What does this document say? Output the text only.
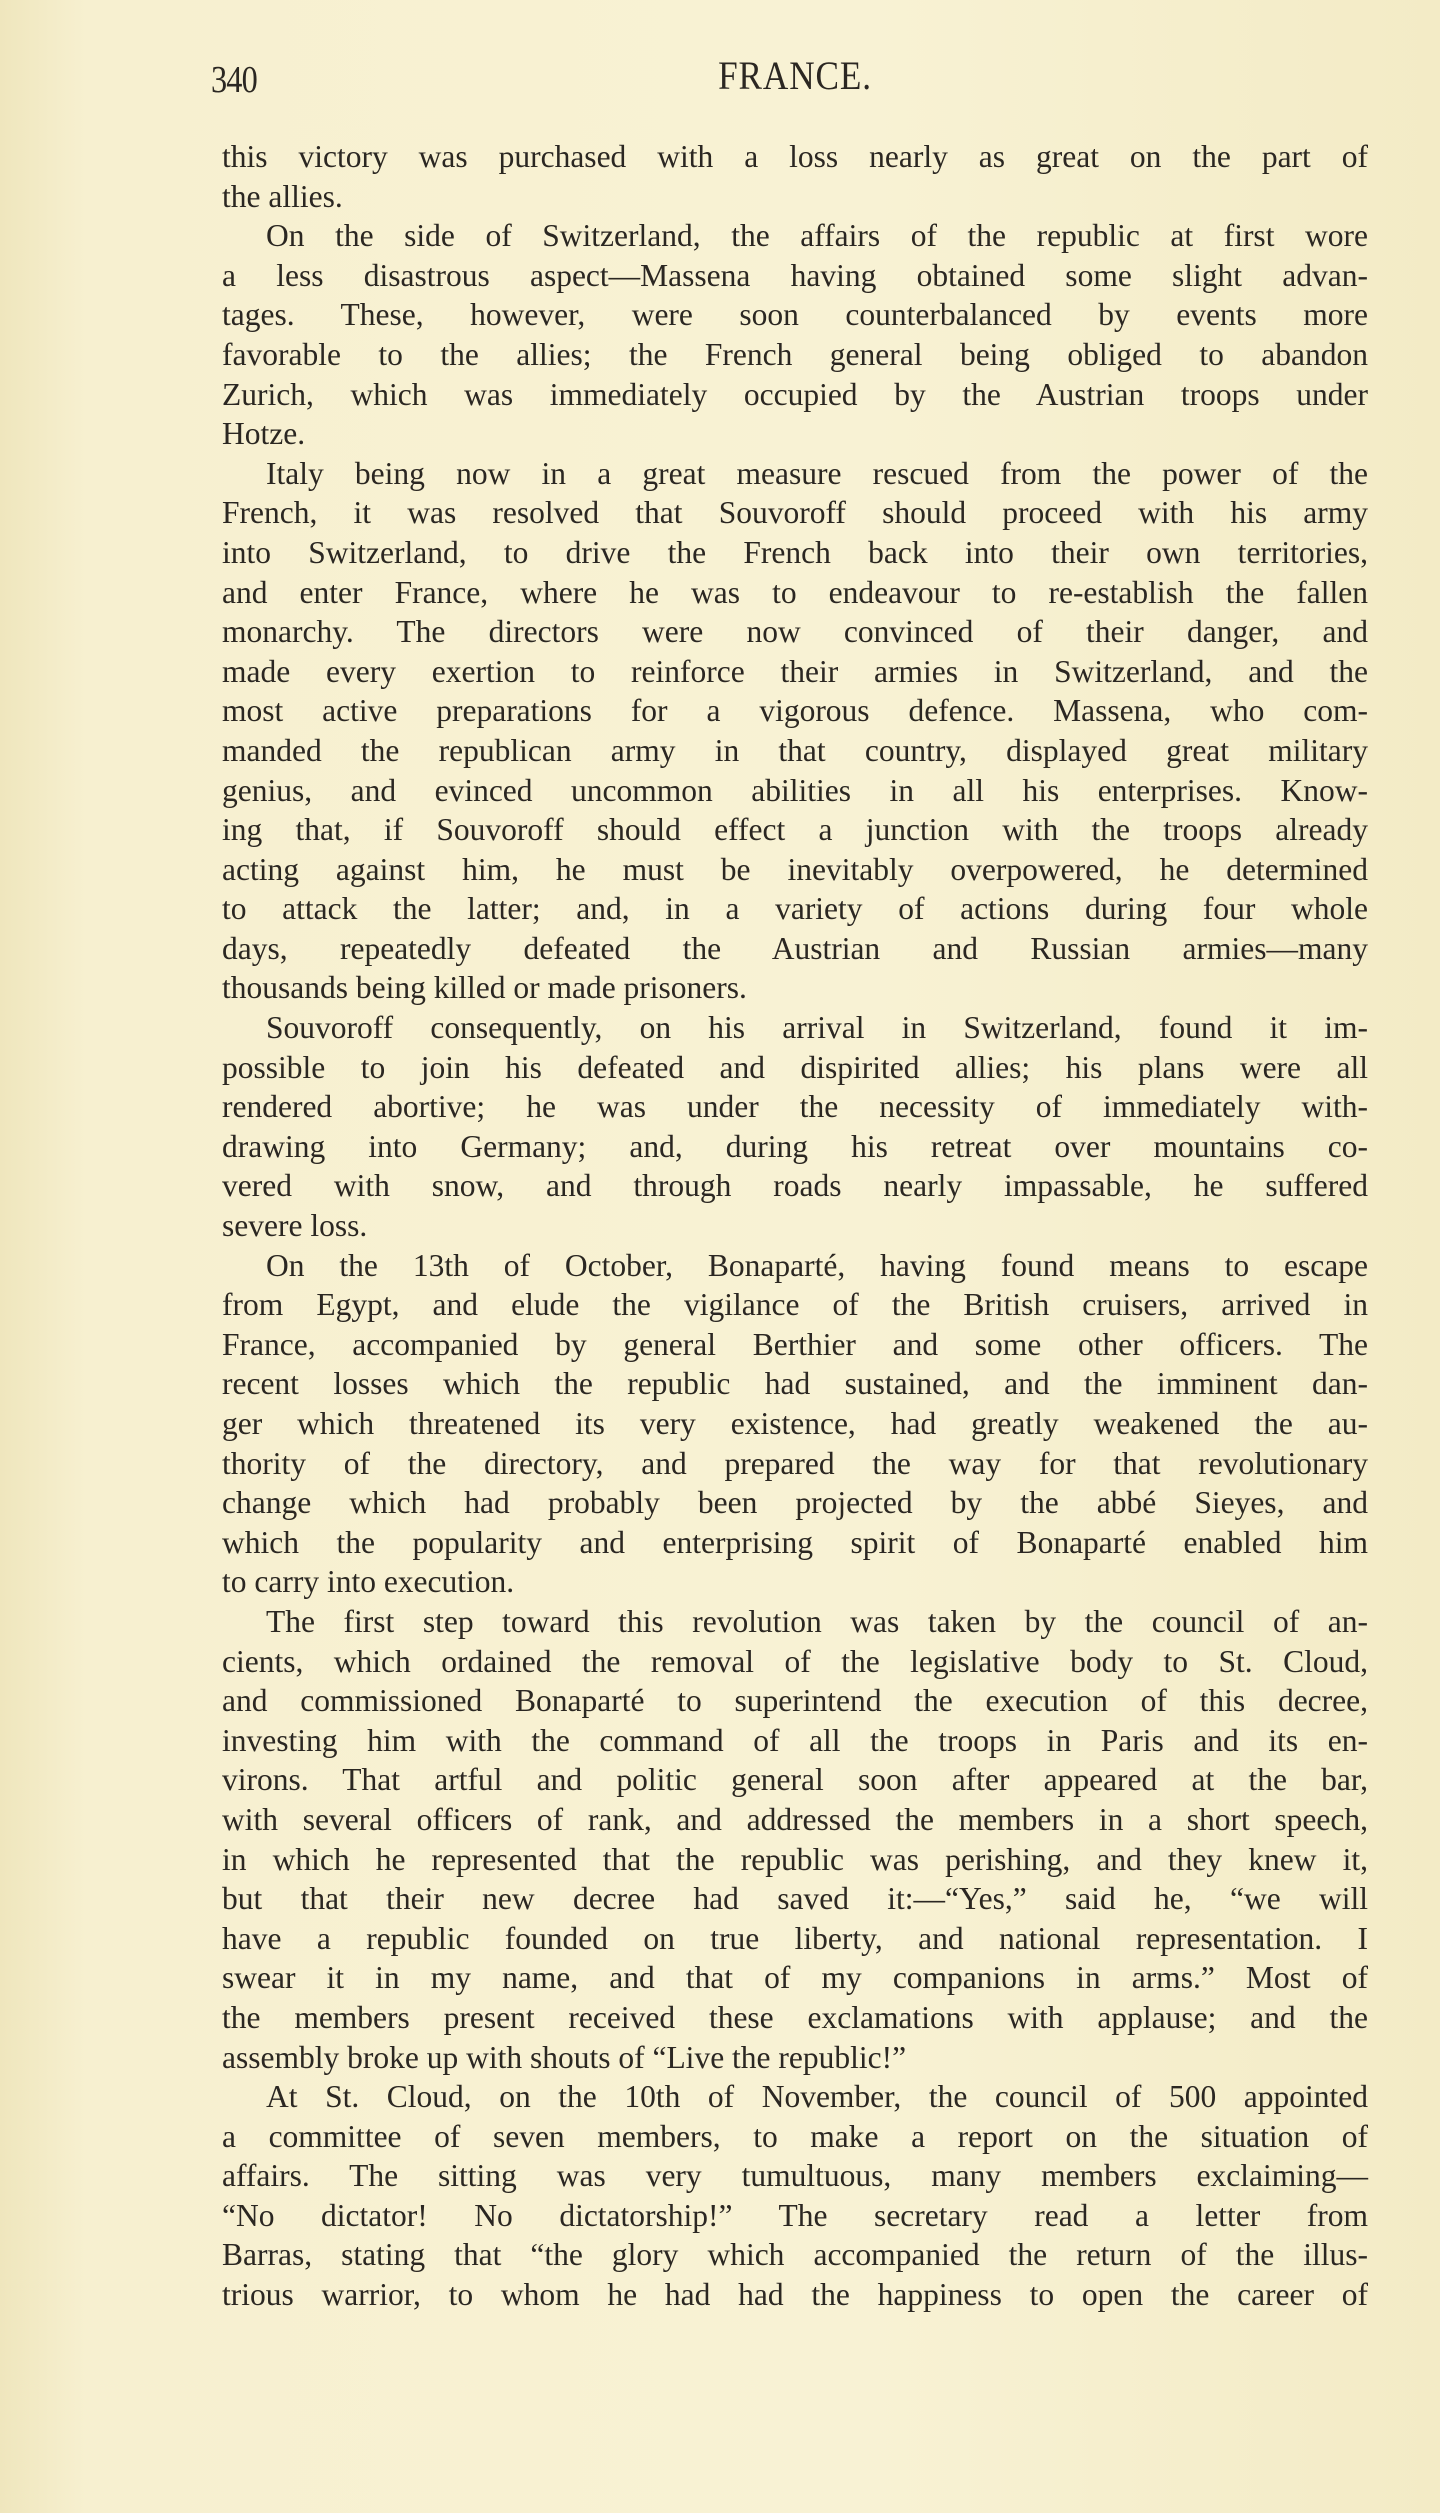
340	FRANCE.
this victory was purchased with a loss nearly as great on the part of
the allies.
On the side of Switzerland, the affairs of the republic at first wore
a less disastrous aspect—Massena having obtained some slight advan-
tages. These, however, were soon counterbalanced by events more
favorable to the allies; the French general being obliged to abandon
Zurich, which was immediately occupied by the Austrian troops under
Hotze.
Italy being now in a great measure rescued from the power of the
French, it was resolved that Souvoroff should proceed with his army
into Switzerland, to drive the French back into their own territories,
and enter France, where he was to endeavour to re-establish the fallen
monarchy. The directors were now convinced of their danger, and
made every exertion to reinforce their armies in Switzerland, and the
most active preparations for a vigorous defence. Massena, who com-
manded the republican army in that country, displayed great military
genius, and evinced uncommon abilities in all his enterprises. Know-
ing that, if Souvoroff should effect a junction with the troops already
acting against him, he must be inevitably overpowered, he determined
to attack the latter; and, in a variety of actions during four whole
days, repeatedly defeated the Austrian and Russian armies—many
thousands being killed or made prisoners.
Souvoroff consequently, on his arrival in Switzerland, found it im-
possible to join his defeated and dispirited allies; his plans were all
rendered abortive; he was under the necessity of immediately with-
drawing into Germany; and, during his retreat over mountains co-
vered with snow, and through roads nearly impassable, he suffered
severe loss.
On the 13th of October, Bonaparté, having found means to escape
from Egypt, and elude the vigilance of the British cruisers, arrived in
France, accompanied by general Berthier and some other officers. The
recent losses which the republic had sustained, and the imminent dan-
ger which threatened its very existence, had greatly weakened the au-
thority of the directory, and prepared the way for that revolutionary
change which had probably been projected by the abbé Sieyes, and
which the popularity and enterprising spirit of Bonaparté enabled him
to carry into execution.
The first step toward this revolution was taken by the council of an-
cients, which ordained the removal of the legislative body to St. Cloud,
and commissioned Bonaparté to superintend the execution of this decree,
investing him with the command of all the troops in Paris and its en-
virons. That artful and politic general soon after appeared at the bar,
with several officers of rank, and addressed the members in a short speech,
in which he represented that the republic was perishing, and they knew it,
but that their new decree had saved it:—“Yes,” said he, “we will
have a republic founded on true liberty, and national representation. I
swear it in my name, and that of my companions in arms.” Most of
the members present received these exclamations with applause; and the
assembly broke up with shouts of “Live the republic!”
At St. Cloud, on the 10th of November, the council of 500 appointed
a committee of seven members, to make a report on the situation of
affairs. The sitting was very tumultuous, many members exclaiming—
“No dictator! No dictatorship!” The secretary read a letter from
Barras, stating that “the glory which accompanied the return of the illus-
trious warrior, to whom he had had the happiness to open the career of
